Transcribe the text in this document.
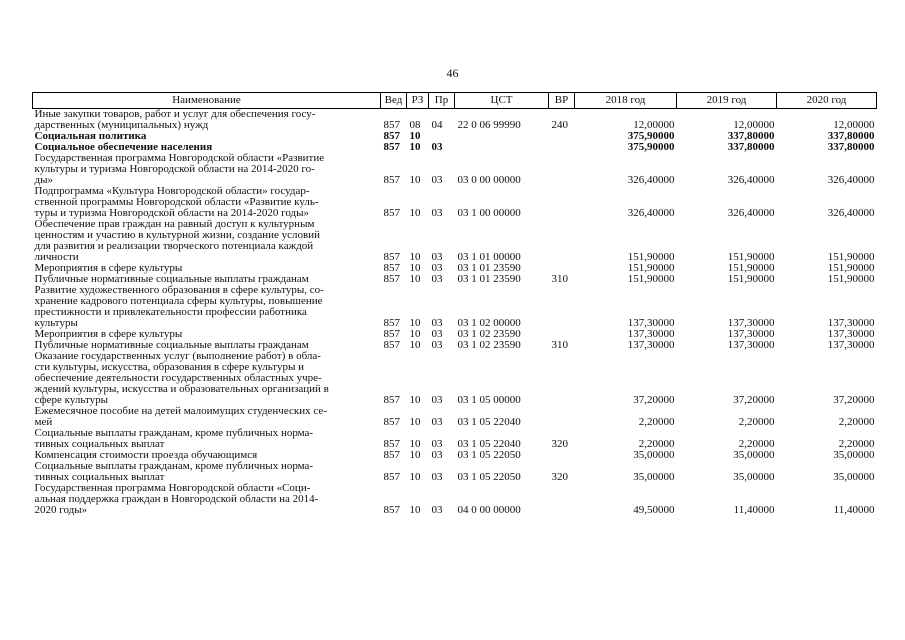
46
Наименование	Вед	РЗ	Пр	ЦСТ	ВР	2018 год	2019 год	2020 год

Иные закупки товаров, работ и услуг для обеспечения госу-
дарственных (муниципальных) нужд	857	08	04	22 0 06 99990	240	12,00000	12,00000	12,00000

Социальная политика	857	10				375,90000	337,80000	337,80000

Социальное обеспечение населения	857	10	03			375,90000	337,80000	337,80000

Государственная программа Новгородской области «Развитие
культуры и туризма Новгородской области на 2014-2020 го-
ды»	857	10	03	03 0 00 00000		326,40000	326,40000	326,40000

Подпрограмма «Культура Новгородской области» государ-
ственной программы Новгородской области «Развитие куль-
туры и туризма Новгородской области на 2014-2020 годы»	857	10	03	03 1 00 00000		326,40000	326,40000	326,40000

Обеспечение прав граждан на равный доступ к культурным
ценностям и участию в культурной жизни, создание условий
для развития и реализации творческого потенциала каждой
личности	857	10	03	03 1 01 00000		151,90000	151,90000	151,90000

Мероприятия в сфере культуры	857	10	03	03 1 01 23590		151,90000	151,90000	151,90000

Публичные нормативные социальные выплаты гражданам	857	10	03	03 1 01 23590	310	151,90000	151,90000	151,90000

Развитие художественного образования в сфере культуры, со-
хранение кадрового потенциала сферы культуры, повышение
престижности и привлекательности профессии работника
культуры	857	10	03	03 1 02 00000		137,30000	137,30000	137,30000

Мероприятия в сфере культуры	857	10	03	03 1 02 23590		137,30000	137,30000	137,30000

Публичные нормативные социальные выплаты гражданам	857	10	03	03 1 02 23590	310	137,30000	137,30000	137,30000

Оказание государственных услуг (выполнение работ) в обла-
сти культуры, искусства, образования в сфере культуры и
обеспечение деятельности государственных областных учре-
ждений культуры, искусства и образовательных организаций в
сфере культуры	857	10	03	03 1 05 00000		37,20000	37,20000	37,20000

Ежемесячное пособие на детей малоимущих студенческих се-
мей	857	10	03	03 1 05 22040		2,20000	2,20000	2,20000

Социальные выплаты гражданам, кроме публичных норма-
тивных социальных выплат	857	10	03	03 1 05 22040	320	2,20000	2,20000	2,20000

Компенсация стоимости проезда обучающимся	857	10	03	03 1 05 22050		35,00000	35,00000	35,00000

Социальные выплаты гражданам, кроме публичных норма-
тивных социальных выплат	857	10	03	03 1 05 22050	320	35,00000	35,00000	35,00000

Государственная программа Новгородской области «Соци-
альная поддержка граждан в Новгородской области на 2014-
2020 годы»	857	10	03	04 0 00 00000		49,50000	11,40000	11,40000
